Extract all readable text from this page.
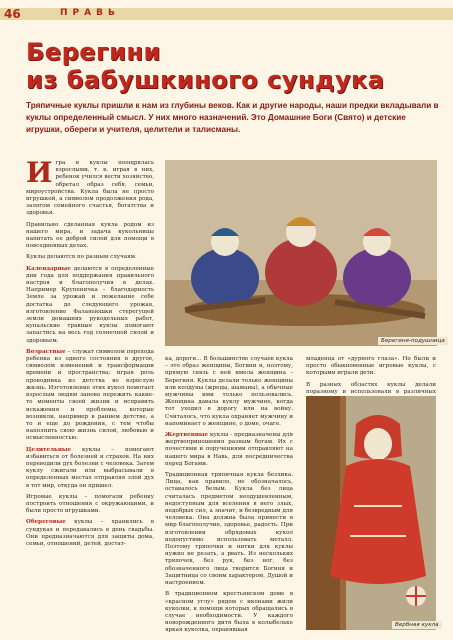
46	ПРАВЬ
Берегини
из бабушкиного сундука
Тряпичные куклы пришли к нам из глубины веков. Как и другие народы, наши предки вкладывали в куклы определенный смысл. У них много назначений. Это Домашние Боги (Свято) и детские игрушки, обереги и учителя, целители и талисманы.

Игра в куклы поощрялась взрослыми, т. к. играя в них, ребенок учился вести хозяйство, обретал образ себя, семьи, мироустройства. Кукла была не просто игрушкой, а символом продолжения рода, залогом семейного счастья, богатства и здоровья.

Правильно сделанная кукла родом из нашего мира, и задача кукольницы напитать ее доброй силой для помощи в повседневных делах.

Куклы делаются по разным случаям.

Календарные делаются в определенные дни года для поддержания правильного настроя и благополучия в делах. Например Крупеничка – благодарность Земле за урожай и пожелание себе достатка до следующего урожая, изготовление Фаланьюшки стерегущей земли домашних рукодельных работ, купальские травные куклы помогают запастись на весь год солнечной силой и здоровьем.

Возрастные – служат символом перехода ребенка из одного состояния в другое, символом изменений и трансформации времени и пространства; играя роль проводника из детства во взрослую жизнь. Изготовление этих кукол помогает взрослым людям заново пережить какие-то моменты своей жизни и исправить искажения и проблемы, которые возникли, например в раннем детстве, а то и еще до рождения, с тем чтобы наполнить свою жизнь силой, любовью и осмысленностью.

Целительные куклы – помогают избавиться от болезней и страхов. На них переводили дух болезни с человека. Затем куклу сжигали или выбрасывали в определенных местах отправляя злой дух в тот мир, откуда он пришел.

Игровые куклы – помогали ребенку построить отношения с окружающими, и были просто игрушками.

Обереговые куклы – хранились в сундуках и передавались в день свадьбы. Они предназначаются для защиты дома, семьи, отношений, детей, достат-

Берегиня-подушница

ка, дороги... В большинстве случаев кукла – это образ женщины, Богини и, поэтому, прямую связь с ней имела женщина – Берегиня. Куклы делали только женщины или колдуны (жрецы, шаманы), а обычные мужчины ими только пользовались. Женщина давала куклу мужчине, когда тот уходил в дорогу или на войну. Считалось, что кукла охраняет мужчину и напоминает о женщине, о доме, очаге.

Жертвенные куклы - предназначены для жертвоприношения разным богам. Их с почестями и поручениями отправляют на нашего мира в Навь, для посредничества перед Богами.

Традиционная тряпичная кукла безлика. Лица, как правило, не обозначалось, оставалось белым. Кукла без лица считалась предметом неодушевленным, недоступным для вселения в него злых, недобрых сил, а значит, и безвредным для человека. Она должна была принести в мир благополучие, здоровье, радость. При изготовлении обрядовых кукол недопустимо использовать металл. Поэтому тряпочки и нитки для куклы нужно не резать, а рвать. Из нескольких тряпочек, без рук, без ног, без обозначенного лица творится Богиня и Защитница со своим характером, Душой и настроением.

В традиционном крестьянском доме в «красном углу» рядом с иконами жили куколки, к помощи которых обращались в случае необходимости. У каждого новорожденного дитя была в колыбельке яркая куколка, охранявшая

младенца от «дурного глаза». Но были и просто обыкновенные игровые куклы, с которыми играли дети.

В разных областях куклы делали поразному и использовали в различных

Вербная кукла
